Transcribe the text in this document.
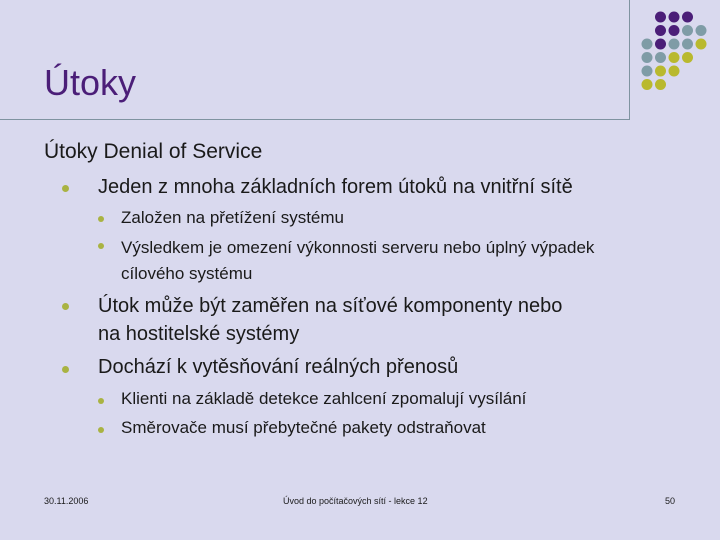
Útoky
Útoky Denial of Service
Jeden z mnoha základních forem útoků na vnitřní sítě
Založen na přetížení systému
Výsledkem je omezení výkonnosti serveru nebo úplný výpadek
cílového systému
Útok může být zaměřen na síťové komponenty nebo
na hostitelské systémy
Dochází k vytěsňování reálných přenosů
Klienti na základě detekce zahlcení zpomalují vysílání
Směrovače musí přebytečné pakety odstraňovat
30.11.2006	Úvod do počítačových sítí - lekce 12	50
